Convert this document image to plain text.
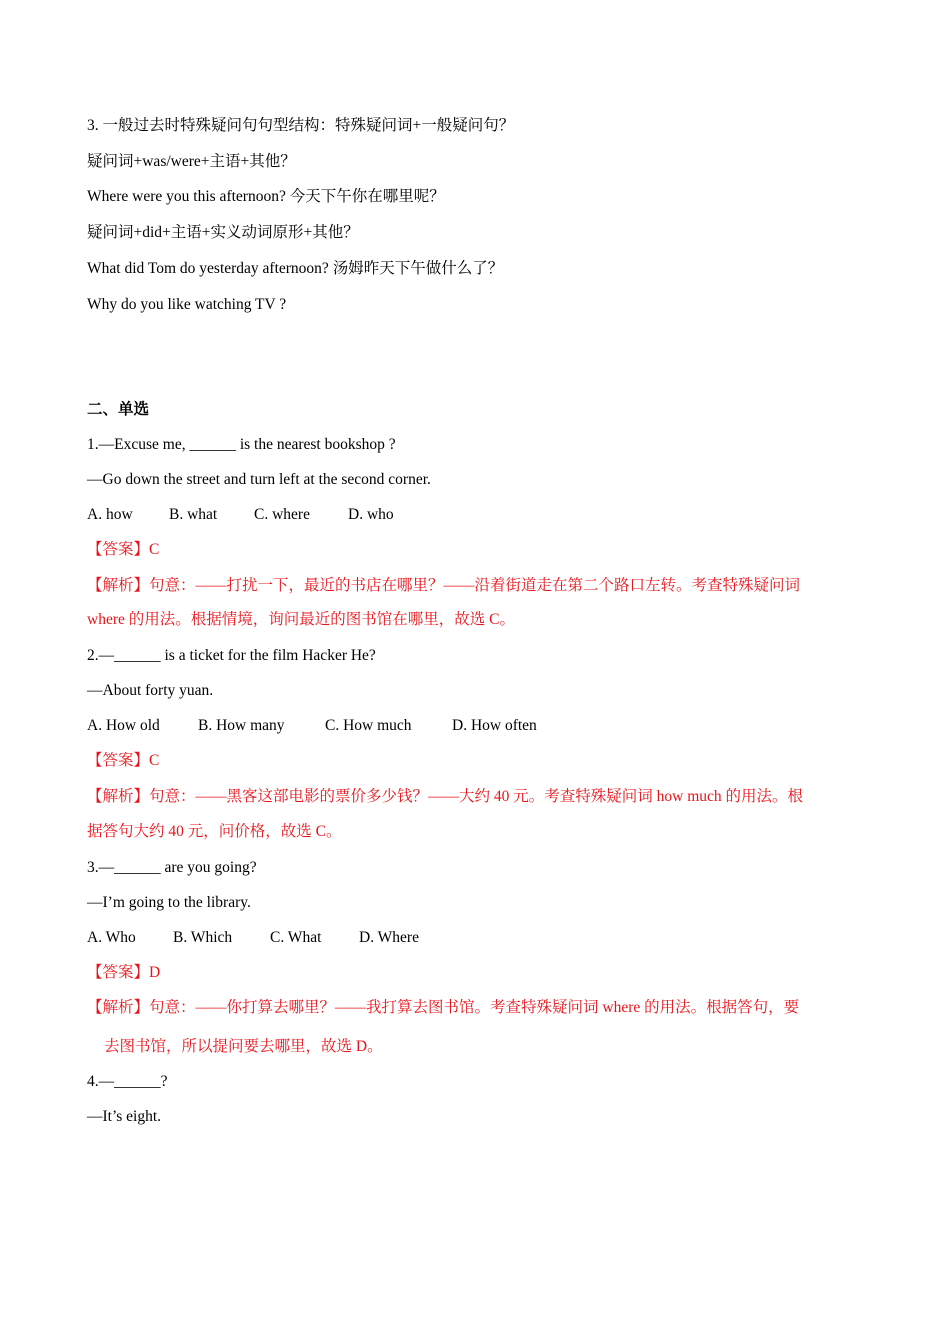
3. 一般过去时特殊疑问句句型结构：特殊疑问词+一般疑问句？
疑问词+was/were+主语+其他？
Where were you this afternoon? 今天下午你在哪里呢？
疑问词+did+主语+实义动词原形+其他？
What did Tom do yesterday afternoon? 汤姆昨天下午做什么了？
Why do you like watching TV ?
二、单选
1.—Excuse me, ______ is the nearest bookshop ?
—Go down the street and turn left at the second corner.
A. how B. what C. where D. who
【答案】C
【解析】句意：——打扰一下，最近的书店在哪里？——沿着街道走在第二个路口左转。考查特殊疑问词
where 的用法。根据情境，询问最近的图书馆在哪里，故选 C。
2.—______ is a ticket for the film Hacker He?
—About forty yuan.
A. How old B. How many	C. How much	D. How often
【答案】C
【解析】句意：——黑客这部电影的票价多少钱？——大约 40 元。考查特殊疑问词 how much 的用法。根
据答句大约 40 元，问价格，故选 C。
3.—______ are you going?
—I’m going to the library.
A. Who B. Which C. What D. Where
【答案】D
【解析】句意：——你打算去哪里？——我打算去图书馆。考查特殊疑问词 where 的用法。根据答句，要
去图书馆，所以提问要去哪里，故选 D。
4.—______?
—It’s eight.
